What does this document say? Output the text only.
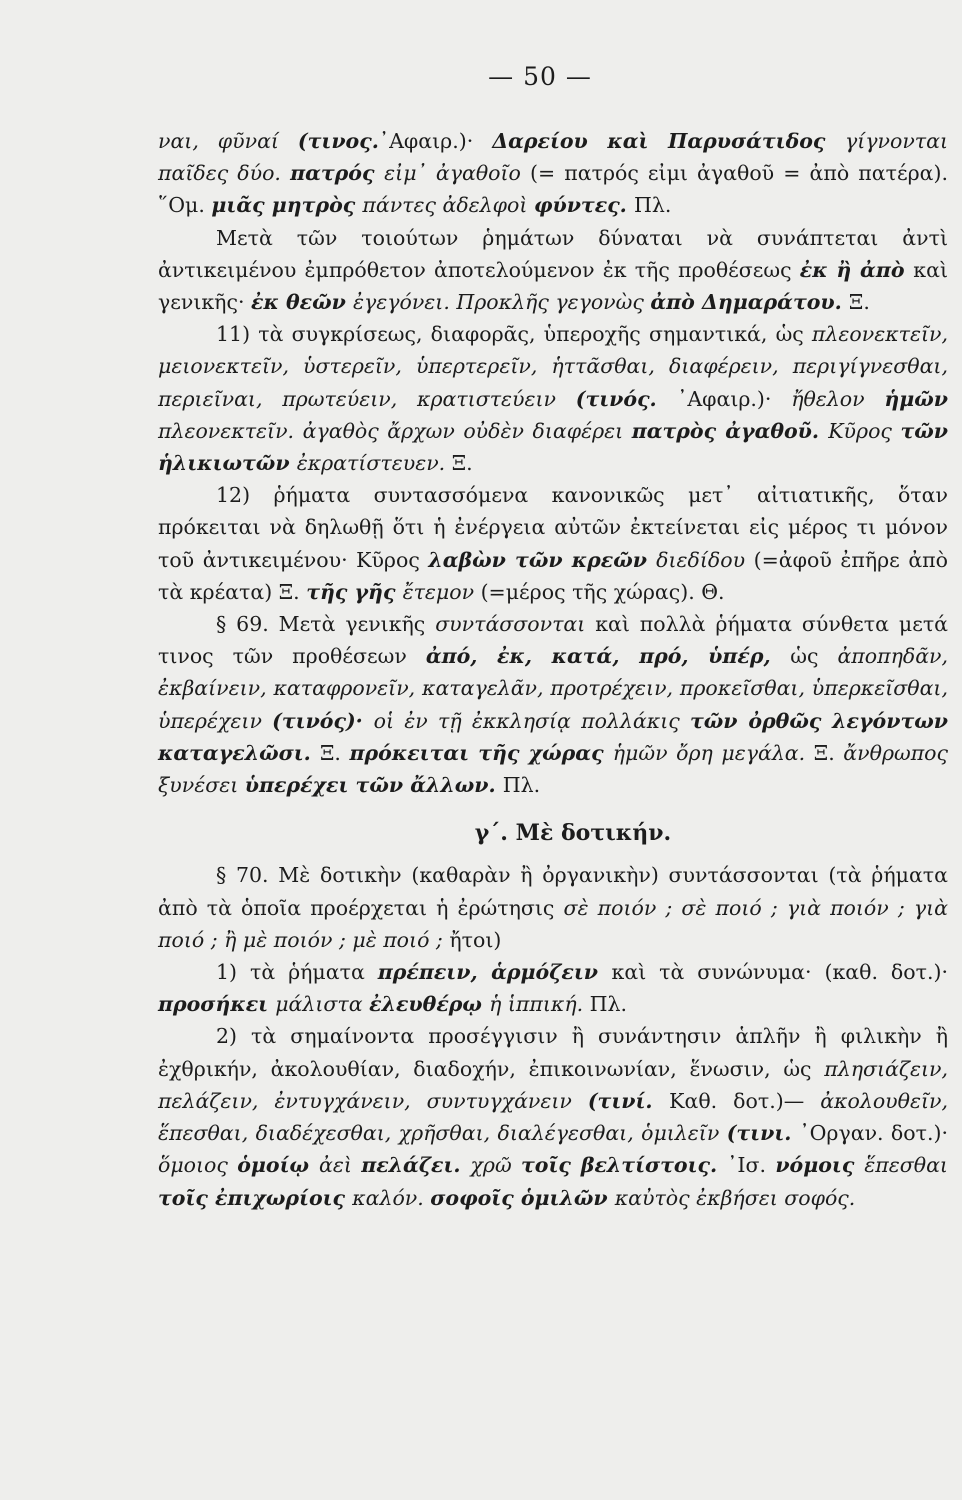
— 50 —

ναι, φῦναί (τινος.᾿Αφαιρ.)· Δαρείου καὶ Παρυσάτιδος γίγνονται παῖδες δύο. πατρός εἰμ᾿ ἀγαθοῖο (= πατρός εἰμι ἀγαθοῦ = ἀπὸ πατέρα). ῞Ομ. μιᾶς μητρὸς πάντες ἀδελφοὶ φύντες. Πλ.

Μετὰ τῶν τοιούτων ῥημάτων δύναται νὰ συνάπτεται ἀντὶ ἀντικειμένου ἐμπρόθετον ἀποτελούμενον ἐκ τῆς προθέσεως ἐκ ἢ ἀπὸ καὶ γενικῆς· ἐκ θεῶν ἐγεγόνει. Προκλῆς γεγονὼς ἀπὸ Δημαράτου. Ξ.

11) τὰ συγκρίσεως, διαφορᾶς, ὑπεροχῆς σημαντικά, ὡς πλεονεκτεῖν, μειονεκτεῖν, ὑστερεῖν, ὑπερτερεῖν, ἡττᾶσθαι, διαφέρειν, περιγίγνεσθαι, περιεῖναι, πρωτεύειν, κρατιστεύειν (τινός. ᾿Αφαιρ.)· ἤθελον ἡμῶν πλεονεκτεῖν. ἀγαθὸς ἄρχων οὐδὲν διαφέρει πατρὸς ἀγαθοῦ. Κῦρος τῶν ἡλικιωτῶν ἐκρατίστευεν. Ξ.

12) ῥήματα συντασσόμενα κανονικῶς μετ᾿ αἰτιατικῆς, ὅταν πρόκειται νὰ δηλωθῇ ὅτι ἡ ἐνέργεια αὐτῶν ἐκτείνεται εἰς μέρος τι μόνον τοῦ ἀντικειμένου· Κῦρος λαβὼν τῶν κρεῶν διεδίδου (=ἀφοῦ ἐπῆρε ἀπὸ τὰ κρέατα) Ξ. τῆς γῆς ἔτεμον (=μέρος τῆς χώρας). Θ.

§ 69. Μετὰ γενικῆς συντάσσονται καὶ πολλὰ ῥήματα σύνθετα μετά τινος τῶν προθέσεων ἀπό, ἐκ, κατά, πρό, ὑπέρ, ὡς ἀποπηδᾶν, ἐκβαίνειν, καταφρονεῖν, καταγελᾶν, προτρέχειν, προκεῖσθαι, ὑπερκεῖσθαι, ὑπερέχειν (τινός)· οἱ ἐν τῇ ἐκκλησίᾳ πολλάκις τῶν ὀρθῶς λεγόντων καταγελῶσι. Ξ. πρόκειται τῆς χώρας ἡμῶν ὄρη μεγάλα. Ξ. ἄνθρωπος ξυνέσει ὑπερέχει τῶν ἄλλων. Πλ.

γ΄. Μὲ δοτικήν.

§ 70. Μὲ δοτικὴν (καθαρὰν ἢ ὀργανικὴν) συντάσσονται (τὰ ῥήματα ἀπὸ τὰ ὁποῖα προέρχεται ἡ ἐρώτησις σὲ ποιόν ; σὲ ποιό ; γιὰ ποιόν ; γιὰ ποιό ; ἢ μὲ ποιόν ; μὲ ποιό ; ἤτοι)

1) τὰ ῥήματα πρέπειν, ἁρμόζειν καὶ τὰ συνώνυμα· (καθ. δοτ.)· προσήκει μάλιστα ἐλευθέρῳ ἡ ἱππική. Πλ.

2) τὰ σημαίνοντα προσέγγισιν ἢ συνάντησιν ἁπλῆν ἢ φιλικὴν ἢ ἐχθρικήν, ἀκολουθίαν, διαδοχήν, ἐπικοινωνίαν, ἕνωσιν, ὡς πλησιάζειν, πελάζειν, ἐντυγχάνειν, συντυγχάνειν (τινί. Καθ. δοτ.)— ἀκολουθεῖν, ἕπεσθαι, διαδέχεσθαι, χρῆσθαι, διαλέγεσθαι, ὁμιλεῖν (τινι. ᾿Οργαν. δοτ.)· ὅμοιος ὁμοίῳ ἀεὶ πελάζει. χρῶ τοῖς βελτίστοις. ᾿Ισ. νόμοις ἕπεσθαι τοῖς ἐπιχωρίοις καλόν. σοφοῖς ὁμιλῶν καὐτὸς ἐκβήσει σοφός.
